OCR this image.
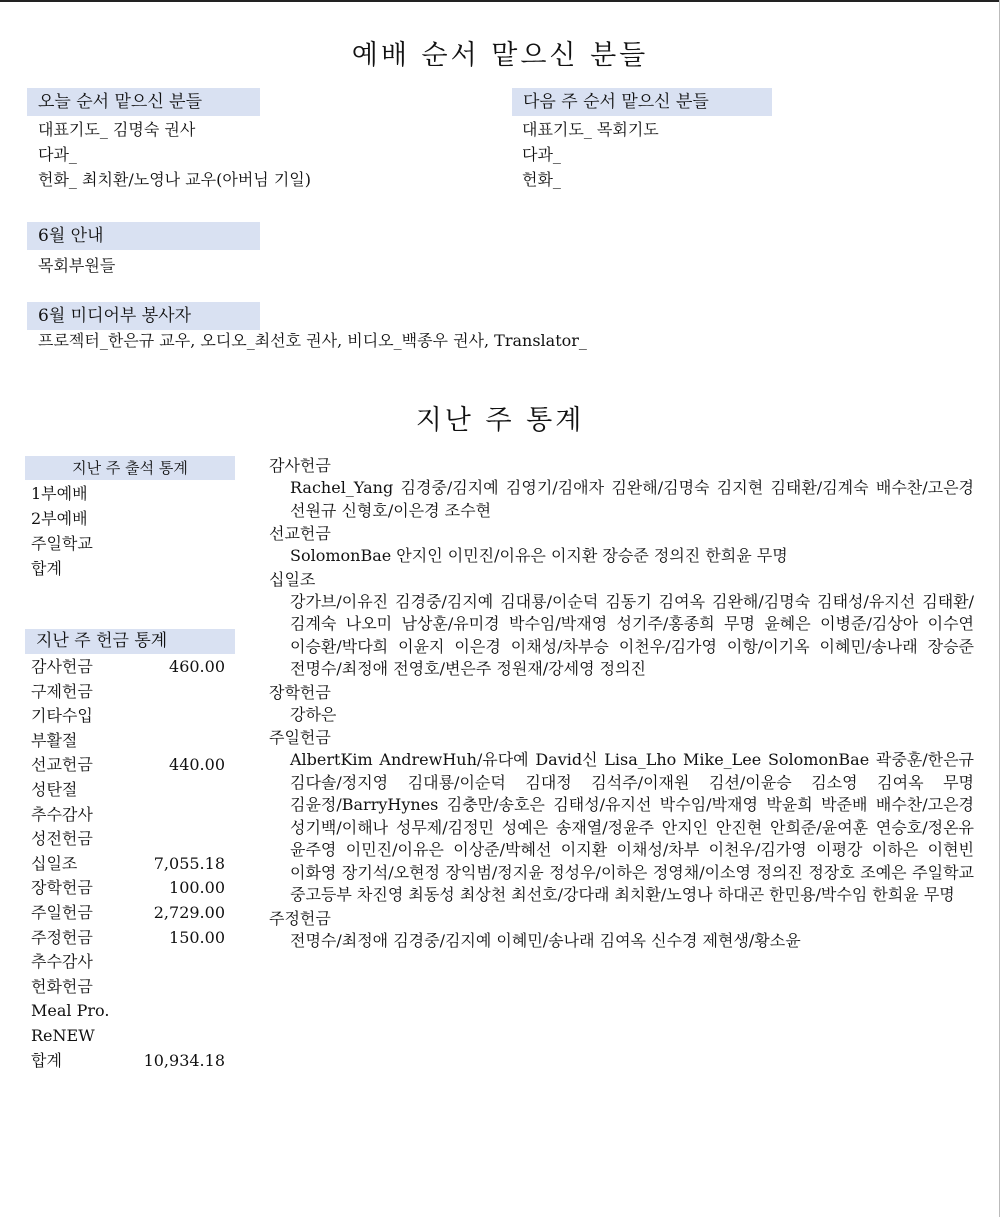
예배 순서 맡으신 분들
오늘 순서 맡으신 분들
대표기도_ 김명숙 권사
다과_
헌화_ 최치환/노영나 교우(아버님 기일)
다음 주 순서 맡으신 분들
대표기도_ 목회기도
다과_
헌화_
6월 안내
목회부원들
6월 미디어부 봉사자
프로젝터_한은규 교우, 오디오_최선호 권사, 비디오_백종우 권사, Translator_
지난 주 통계
지난 주 출석 통계
1부예배
2부예배
주일학교
합계
지난 주 헌금 통계
감사헌금	460.00
구제헌금
기타수입
부활절
선교헌금	440.00
성탄절
추수감사
성전헌금
십일조	7,055.18
장학헌금	100.00
주일헌금	2,729.00
주정헌금	150.00
추수감사
헌화헌금
Meal Pro.
ReNEW
합계	10,934.18
감사헌금
Rachel_Yang 김경중/김지예 김영기/김애자 김완해/김명숙 김지현 김태환/김계숙 배수찬/고은경 선원규 신형호/이은경 조수현
선교헌금
SolomonBae 안지인 이민진/이유은 이지환 장승준 정의진 한희윤 무명
십일조
강가브/이유진 김경중/김지예 김대룡/이순덕 김동기 김여옥 김완해/김명숙 김태성/유지선 김태환/김계숙 나오미 남상훈/유미경 박수임/박재영 성기주/홍종희 무명 윤혜은 이병준/김상아 이수연 이승환/박다희 이윤지 이은경 이채성/차부승 이천우/김가영 이항/이기옥 이혜민/송나래 장승준 전명수/최정애 전영호/변은주 정원재/강세영 정의진
장학헌금
강하은
주일헌금
AlbertKim AndrewHuh/유다예 David신 Lisa_Lho Mike_Lee SolomonBae 곽중훈/한은규 김다솔/정지영 김대룡/이순덕 김대정 김석주/이재원 김션/이윤승 김소영 김여옥 무명 김윤정/BarryHynes 김충만/송호은 김태성/유지선 박수임/박재영 박윤희 박준배 배수찬/고은경 성기백/이해나 성무제/김정민 성예은 송재열/정윤주 안지인 안진현 안희준/윤여훈 연승호/정온유 윤주영 이민진/이유은 이상준/박혜선 이지환 이채성/차부 이천우/김가영 이평강 이하은 이현빈 이화영 장기석/오현정 장익범/정지윤 정성우/이하은 정영채/이소영 정의진 정장호 조예은 주일학교 중고등부 차진영 최동성 최상천 최선호/강다래 최치환/노영나 하대곤 한민용/박수임 한희윤 무명
주정헌금
전명수/최정애 김경중/김지예 이혜민/송나래 김여옥 신수경 제현생/황소윤
